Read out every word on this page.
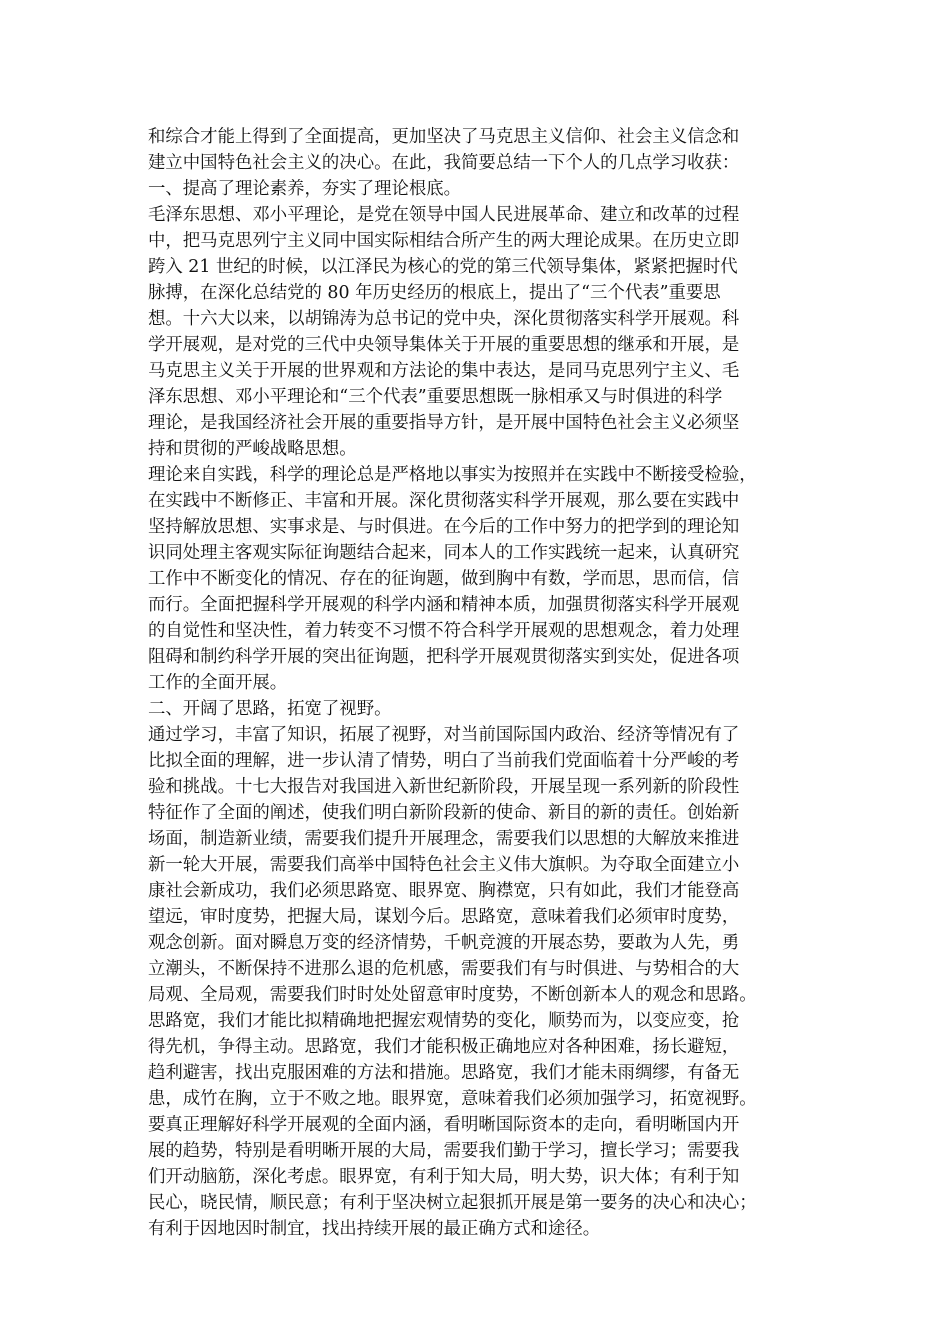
和综合才能上得到了全面提高，更加坚决了马克思主义信仰、社会主义信念和
建立中国特色社会主义的决心。在此，我简要总结一下个人的几点学习收获：
一、提高了理论素养，夯实了理论根底。
毛泽东思想、邓小平理论，是党在领导中国人民进展革命、建立和改革的过程
中，把马克思列宁主义同中国实际相结合所产生的两大理论成果。在历史立即
跨入 21 世纪的时候，以江泽民为核心的党的第三代领导集体，紧紧把握时代
脉搏，在深化总结党的 80 年历史经历的根底上，提出了“三个代表”重要思
想。十六大以来，以胡锦涛为总书记的党中央，深化贯彻落实科学开展观。科
学开展观，是对党的三代中央领导集体关于开展的重要思想的继承和开展，是
马克思主义关于开展的世界观和方法论的集中表达，是同马克思列宁主义、毛
泽东思想、邓小平理论和“三个代表”重要思想既一脉相承又与时俱进的科学
理论，是我国经济社会开展的重要指导方针，是开展中国特色社会主义必须坚
持和贯彻的严峻战略思想。
理论来自实践，科学的理论总是严格地以事实为按照并在实践中不断接受检验，
在实践中不断修正、丰富和开展。深化贯彻落实科学开展观，那么要在实践中
坚持解放思想、实事求是、与时俱进。在今后的工作中努力的把学到的理论知
识同处理主客观实际征询题结合起来，同本人的工作实践统一起来，认真研究
工作中不断变化的情况、存在的征询题，做到胸中有数，学而思，思而信，信
而行。全面把握科学开展观的科学内涵和精神本质，加强贯彻落实科学开展观
的自觉性和坚决性，着力转变不习惯不符合科学开展观的思想观念，着力处理
阻碍和制约科学开展的突出征询题，把科学开展观贯彻落实到实处，促进各项
工作的全面开展。
二、开阔了思路，拓宽了视野。
通过学习，丰富了知识，拓展了视野，对当前国际国内政治、经济等情况有了
比拟全面的理解，进一步认清了情势，明白了当前我们党面临着十分严峻的考
验和挑战。十七大报告对我国进入新世纪新阶段，开展呈现一系列新的阶段性
特征作了全面的阐述，使我们明白新阶段新的使命、新目的新的责任。创始新
场面，制造新业绩，需要我们提升开展理念，需要我们以思想的大解放来推进
新一轮大开展，需要我们高举中国特色社会主义伟大旗帜。为夺取全面建立小
康社会新成功，我们必须思路宽、眼界宽、胸襟宽，只有如此，我们才能登高
望远，审时度势，把握大局，谋划今后。思路宽，意味着我们必须审时度势，
观念创新。面对瞬息万变的经济情势，千帆竞渡的开展态势，要敢为人先，勇
立潮头，不断保持不进那么退的危机感，需要我们有与时俱进、与势相合的大
局观、全局观，需要我们时时处处留意审时度势，不断创新本人的观念和思路。
思路宽，我们才能比拟精确地把握宏观情势的变化，顺势而为，以变应变，抢
得先机，争得主动。思路宽，我们才能积极正确地应对各种困难，扬长避短，
趋利避害，找出克服困难的方法和措施。思路宽，我们才能未雨绸缪，有备无
患，成竹在胸，立于不败之地。眼界宽，意味着我们必须加强学习，拓宽视野。
要真正理解好科学开展观的全面内涵，看明晰国际资本的走向，看明晰国内开
展的趋势，特别是看明晰开展的大局，需要我们勤于学习，擅长学习；需要我
们开动脑筋，深化考虑。眼界宽，有利于知大局，明大势，识大体；有利于知
民心，晓民情，顺民意；有利于坚决树立起狠抓开展是第一要务的决心和决心；
有利于因地因时制宜，找出持续开展的最正确方式和途径。
